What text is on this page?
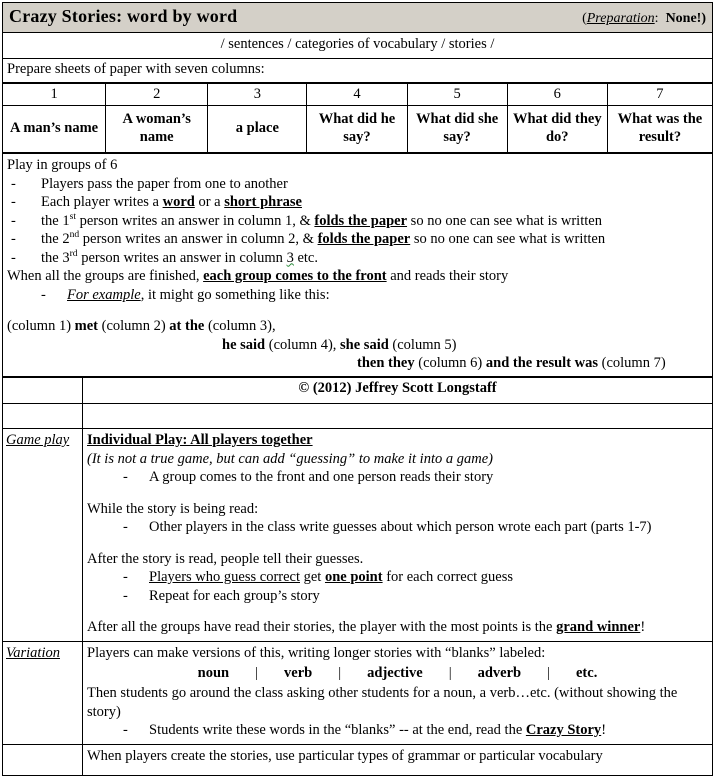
Crazy Stories: word by word	(Preparation: None!)

/ sentences / categories of vocabulary / stories /
Prepare sheets of paper with seven columns:
1	2	3	4	5	6	7
A man’s name	A woman’s name	a place	What did he say?	What did she say?	What did they do?	What was the result?
Play in groups of 6
- Players pass the paper from one to another
- Each player writes a word or a short phrase
- the 1st person writes an answer in column 1, & folds the paper so no one can see what is written
- the 2nd person writes an answer in column 2, & folds the paper so no one can see what is written
- the 3rd person writes an answer in column 3 etc.
When all the groups are finished, each group comes to the front and reads their story
- For example, it might go something like this:
(column 1) met (column 2) at the (column 3),
he said (column 4), she said (column 5)
then they (column 6) and the result was (column 7)
	© (2012) Jeffrey Scott Longstaff

Game play	Individual Play: All players together
(It is not a true game, but can add “guessing” to make it into a game)
- A group comes to the front and one person reads their story
While the story is being read:
- Other players in the class write guesses about which person wrote each part (parts 1-7)
After the story is read, people tell their guesses.
- Players who guess correct get one point for each correct guess
- Repeat for each group’s story
After all the groups have read their stories, the player with the most points is the grand winner!
Variation	Players can make versions of this, writing longer stories with “blanks” labeled:
noun | verb | adjective | adverb | etc.
Then students go around the class asking other students for a noun, a verb…etc. (without showing the story)
- Students write these words in the “blanks” -- at the end, read the Crazy Story!

	When players create the stories, use particular types of grammar or particular vocabulary
